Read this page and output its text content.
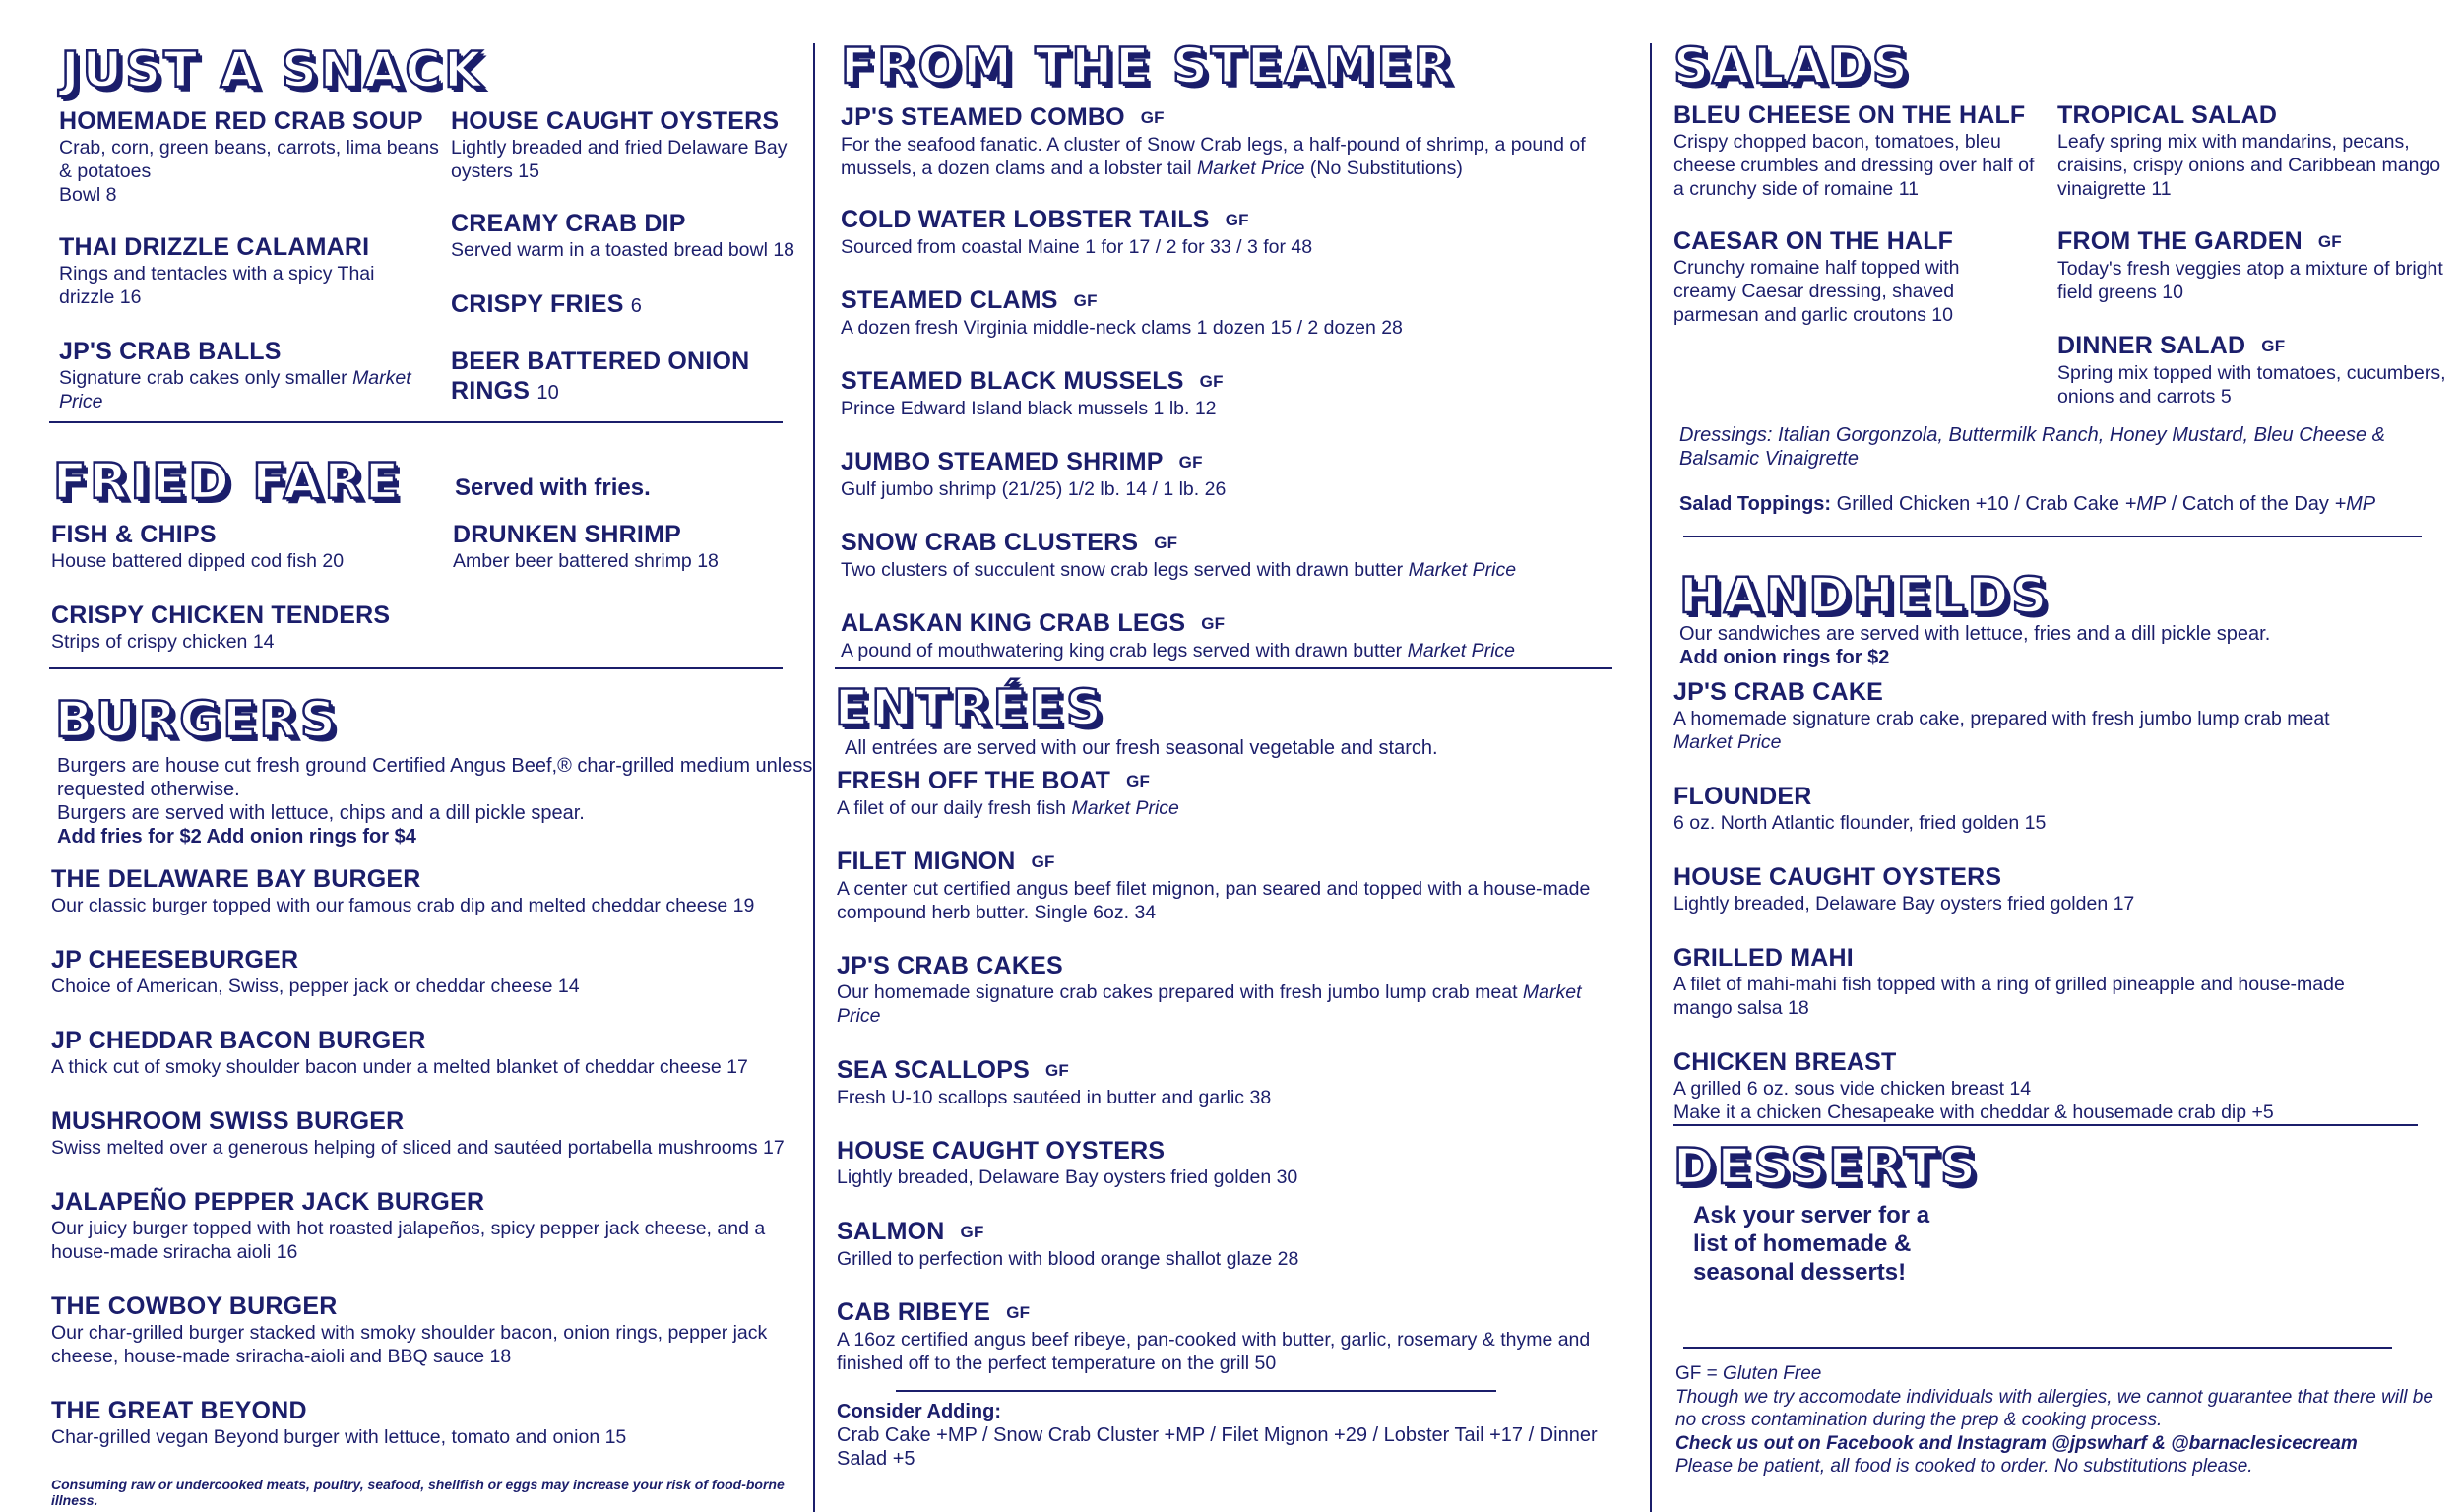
JUST A SNACK
HOMEMADE RED CRAB SOUP
Crab, corn, green beans, carrots, lima beans & potatoes
Bowl 8
THAI DRIZZLE CALAMARI
Rings and tentacles with a spicy Thai drizzle 16
JP'S CRAB BALLS
Signature crab cakes only smaller Market Price
HOUSE CAUGHT OYSTERS
Lightly breaded and fried Delaware Bay oysters 15
CREAMY CRAB DIP
Served warm in a toasted bread bowl 18
CRISPY FRIES 6
BEER BATTERED ONION RINGS 10
FRIED FARE Served with fries.
FISH & CHIPS
House battered dipped cod fish 20
DRUNKEN SHRIMP
Amber beer battered shrimp 18
CRISPY CHICKEN TENDERS
Strips of crispy chicken 14
BURGERS
Burgers are house cut fresh ground Certified Angus Beef,® char-grilled medium unless requested otherwise.
Burgers are served with lettuce, chips and a dill pickle spear.
Add fries for $2 Add onion rings for $4
THE DELAWARE BAY BURGER
Our classic burger topped with our famous crab dip and melted cheddar cheese 19
JP CHEESEBURGER
Choice of American, Swiss, pepper jack or cheddar cheese 14
JP CHEDDAR BACON BURGER
A thick cut of smoky shoulder bacon under a melted blanket of cheddar cheese 17
MUSHROOM SWISS BURGER
Swiss melted over a generous helping of sliced and sautéed portabella mushrooms 17
JALAPEÑO PEPPER JACK BURGER
Our juicy burger topped with hot roasted jalapeños, spicy pepper jack cheese, and a house-made sriracha aioli 16
THE COWBOY BURGER
Our char-grilled burger stacked with smoky shoulder bacon, onion rings, pepper jack cheese, house-made sriracha-aioli and BBQ sauce 18
THE GREAT BEYOND
Char-grilled vegan Beyond burger with lettuce, tomato and onion 15
Consuming raw or undercooked meats, poultry, seafood, shellfish or eggs may increase your risk of food-borne illness.
FROM THE STEAMER
JP'S STEAMED COMBO GF
For the seafood fanatic. A cluster of Snow Crab legs, a half-pound of shrimp, a pound of mussels, a dozen clams and a lobster tail Market Price (No Substitutions)
COLD WATER LOBSTER TAILS GF
Sourced from coastal Maine 1 for 17 / 2 for 33 / 3 for 48
STEAMED CLAMS GF
A dozen fresh Virginia middle-neck clams 1 dozen 15 / 2 dozen 28
STEAMED BLACK MUSSELS GF
Prince Edward Island black mussels 1 lb. 12
JUMBO STEAMED SHRIMP GF
Gulf jumbo shrimp (21/25) 1/2 lb. 14 / 1 lb. 26
SNOW CRAB CLUSTERS GF
Two clusters of succulent snow crab legs served with drawn butter Market Price
ALASKAN KING CRAB LEGS GF
A pound of mouthwatering king crab legs served with drawn butter Market Price
ENTRÉES
All entrées are served with our fresh seasonal vegetable and starch.
FRESH OFF THE BOAT GF
A filet of our daily fresh fish Market Price
FILET MIGNON GF
A center cut certified angus beef filet mignon, pan seared and topped with a house-made compound herb butter. Single 6oz. 34
JP'S CRAB CAKES
Our homemade signature crab cakes prepared with fresh jumbo lump crab meat Market Price
SEA SCALLOPS GF
Fresh U-10 scallops sautéed in butter and garlic 38
HOUSE CAUGHT OYSTERS
Lightly breaded, Delaware Bay oysters fried golden 30
SALMON GF
Grilled to perfection with blood orange shallot glaze 28
CAB RIBEYE GF
A 16oz certified angus beef ribeye, pan-cooked with butter, garlic, rosemary & thyme and finished off to the perfect temperature on the grill 50
Consider Adding:
Crab Cake +MP / Snow Crab Cluster +MP / Filet Mignon +29 / Lobster Tail +17 / Dinner Salad +5
SALADS
BLEU CHEESE ON THE HALF
Crispy chopped bacon, tomatoes, bleu cheese crumbles and dressing over half of a crunchy side of romaine 11
CAESAR ON THE HALF
Crunchy romaine half topped with creamy Caesar dressing, shaved parmesan and garlic croutons 10
TROPICAL SALAD
Leafy spring mix with mandarins, pecans, craisins, crispy onions and Caribbean mango vinaigrette 11
FROM THE GARDEN GF
Today's fresh veggies atop a mixture of bright field greens 10
DINNER SALAD GF
Spring mix topped with tomatoes, cucumbers, onions and carrots 5
Dressings: Italian Gorgonzola, Buttermilk Ranch, Honey Mustard, Bleu Cheese & Balsamic Vinaigrette
Salad Toppings: Grilled Chicken +10 / Crab Cake +MP / Catch of the Day +MP
HANDHELDS
Our sandwiches are served with lettuce, fries and a dill pickle spear.
Add onion rings for $2
JP'S CRAB CAKE
A homemade signature crab cake, prepared with fresh jumbo lump crab meat
Market Price
FLOUNDER
6 oz. North Atlantic flounder, fried golden 15
HOUSE CAUGHT OYSTERS
Lightly breaded, Delaware Bay oysters fried golden 17
GRILLED MAHI
A filet of mahi-mahi fish topped with a ring of grilled pineapple and house-made mango salsa 18
CHICKEN BREAST
A grilled 6 oz. sous vide chicken breast 14
Make it a chicken Chesapeake with cheddar & housemade crab dip +5
DESSERTS
Ask your server for a list of homemade & seasonal desserts!
GF = Gluten Free
Though we try accomodate individuals with allergies, we cannot guarantee that there will be no cross contamination during the prep & cooking process.
Check us out on Facebook and Instagram @jpswharf & @barnaclesicecream
Please be patient, all food is cooked to order. No substitutions please.
